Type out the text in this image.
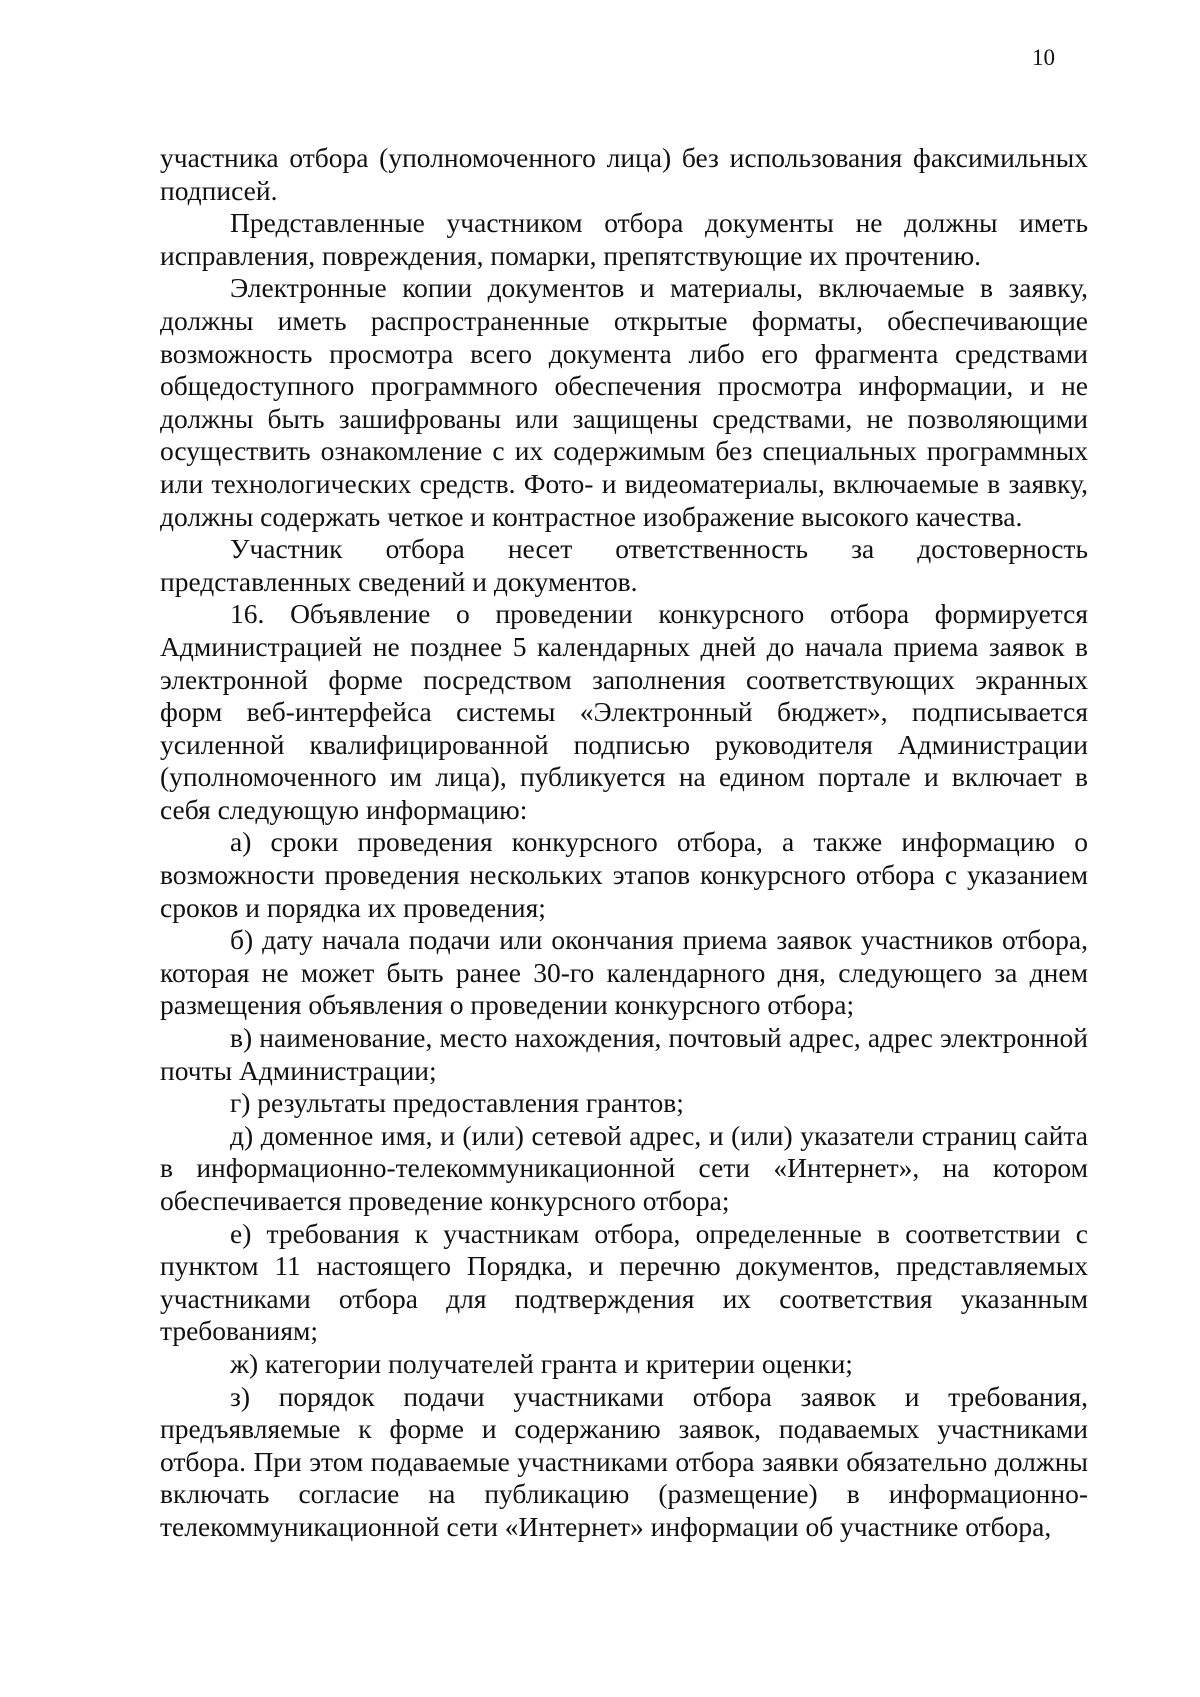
10

участника отбора (уполномоченного лица) без использования факсимильных подписей.

Представленные участником отбора документы не должны иметь исправления, повреждения, помарки, препятствующие их прочтению.

Электронные копии документов и материалы, включаемые в заявку, должны иметь распространенные открытые форматы, обеспечивающие возможность просмотра всего документа либо его фрагмента средствами общедоступного программного обеспечения просмотра информации, и не должны быть зашифрованы или защищены средствами, не позволяющими осуществить ознакомление с их содержимым без специальных программных или технологических средств. Фото- и видеоматериалы, включаемые в заявку, должны содержать четкое и контрастное изображение высокого качества.

Участник отбора несет ответственность за достоверность представленных сведений и документов.

16. Объявление о проведении конкурсного отбора формируется Администрацией не позднее 5 календарных дней до начала приема заявок в электронной форме посредством заполнения соответствующих экранных форм веб-интерфейса системы «Электронный бюджет», подписывается усиленной квалифицированной подписью руководителя Администрации (уполномоченного им лица), публикуется на едином портале и включает в себя следующую информацию:

а) сроки проведения конкурсного отбора, а также информацию о возможности проведения нескольких этапов конкурсного отбора с указанием сроков и порядка их проведения;

б) дату начала подачи или окончания приема заявок участников отбора, которая не может быть ранее 30-го календарного дня, следующего за днем размещения объявления о проведении конкурсного отбора;

в) наименование, место нахождения, почтовый адрес, адрес электронной почты Администрации;

г) результаты предоставления грантов;

д) доменное имя, и (или) сетевой адрес, и (или) указатели страниц сайта в информационно-телекоммуникационной сети «Интернет», на котором обеспечивается проведение конкурсного отбора;

е) требования к участникам отбора, определенные в соответствии с пунктом 11 настоящего Порядка, и перечню документов, представляемых участниками отбора для подтверждения их соответствия указанным требованиям;

ж) категории получателей гранта и критерии оценки;

з) порядок подачи участниками отбора заявок и требования, предъявляемые к форме и содержанию заявок, подаваемых участниками отбора. При этом подаваемые участниками отбора заявки обязательно должны включать согласие на публикацию (размещение) в информационно-телекоммуникационной сети «Интернет» информации об участнике отбора,
